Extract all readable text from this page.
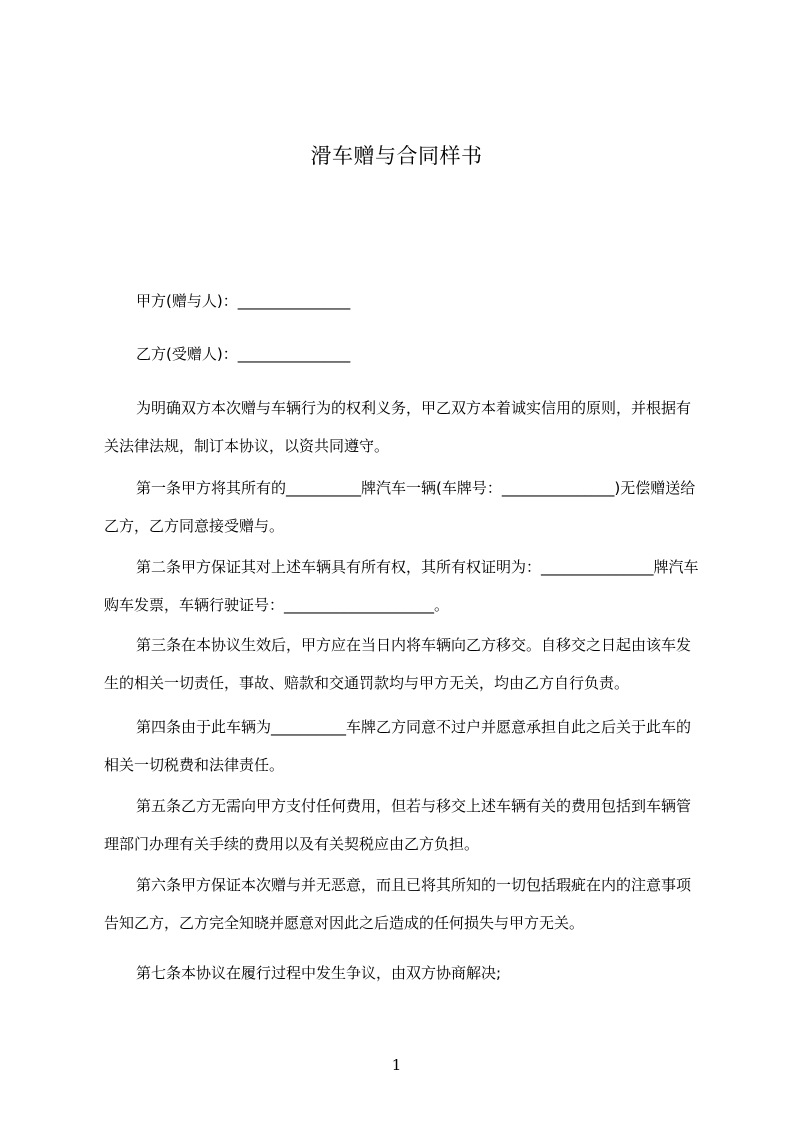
滑车赠与合同样书
甲方(赠与人)：_______________
乙方(受赠人)：_______________
为明确双方本次赠与车辆行为的权利义务，甲乙双方本着诚实信用的原则，并根据有关法律法规，制订本协议，以资共同遵守。
第一条甲方将其所有的__________牌汽车一辆(车牌号：_______________)无偿赠送给乙方，乙方同意接受赠与。
第二条甲方保证其对上述车辆具有所有权，其所有权证明为：_______________牌汽车购车发票，车辆行驶证号：____________________。
第三条在本协议生效后，甲方应在当日内将车辆向乙方移交。自移交之日起由该车发生的相关一切责任，事故、赔款和交通罚款均与甲方无关，均由乙方自行负责。
第四条由于此车辆为__________车牌乙方同意不过户并愿意承担自此之后关于此车的相关一切税费和法律责任。
第五条乙方无需向甲方支付任何费用，但若与移交上述车辆有关的费用包括到车辆管理部门办理有关手续的费用以及有关契税应由乙方负担。
第六条甲方保证本次赠与并无恶意，而且已将其所知的一切包括瑕疵在内的注意事项告知乙方，乙方完全知晓并愿意对因此之后造成的任何损失与甲方无关。
第七条本协议在履行过程中发生争议，由双方协商解决;
1
